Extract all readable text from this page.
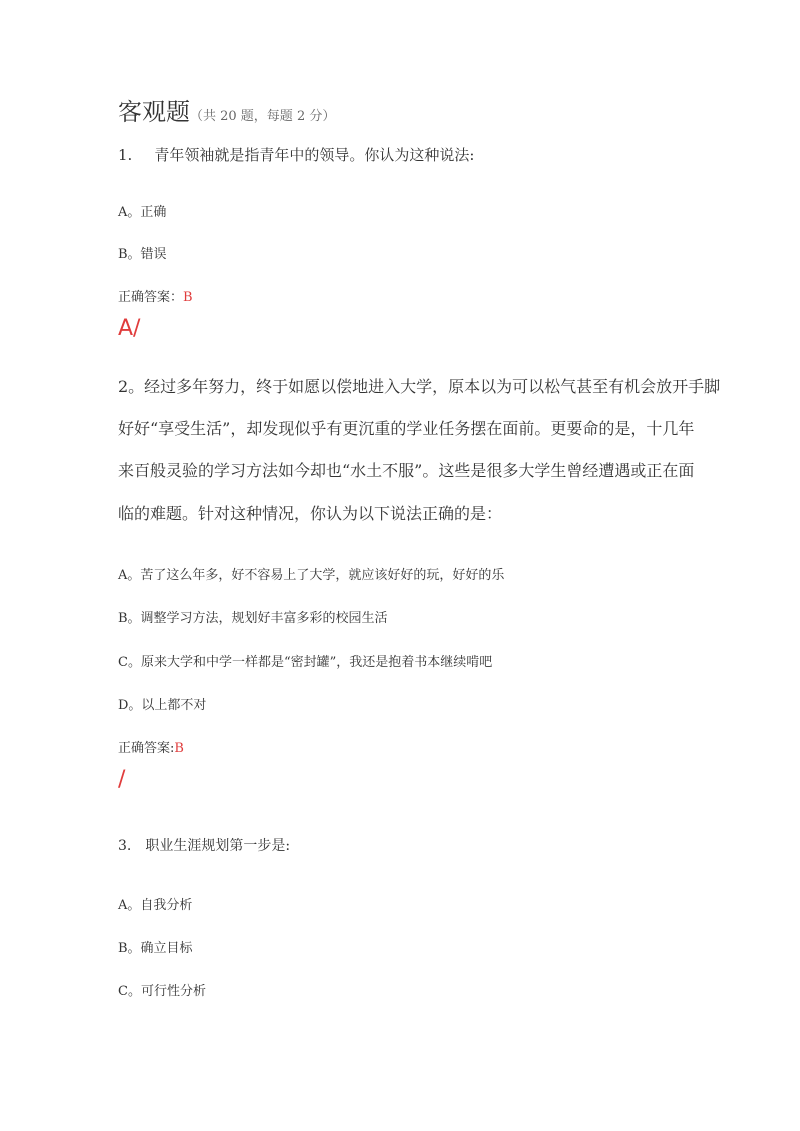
客观题（共 20 题，每题 2 分）
1. 青年领袖就是指青年中的领导。你认为这种说法:
A。正确
B。错误
正确答案：B
A/
2。经过多年努力，终于如愿以偿地进入大学，原本以为可以松气甚至有机会放开手脚
好好“享受生活”，却发现似乎有更沉重的学业任务摆在面前。更要命的是，十几年
来百般灵验的学习方法如今却也“水土不服”。这些是很多大学生曾经遭遇或正在面
临的难题。针对这种情况，你认为以下说法正确的是：
A。苦了这么年多，好不容易上了大学，就应该好好的玩，好好的乐
B。调整学习方法，规划好丰富多彩的校园生活
C。原来大学和中学一样都是“密封罐”，我还是抱着书本继续啃吧
D。以上都不对
正确答案:B
/
3. 职业生涯规划第一步是:
A。自我分析
B。确立目标
C。可行性分析
